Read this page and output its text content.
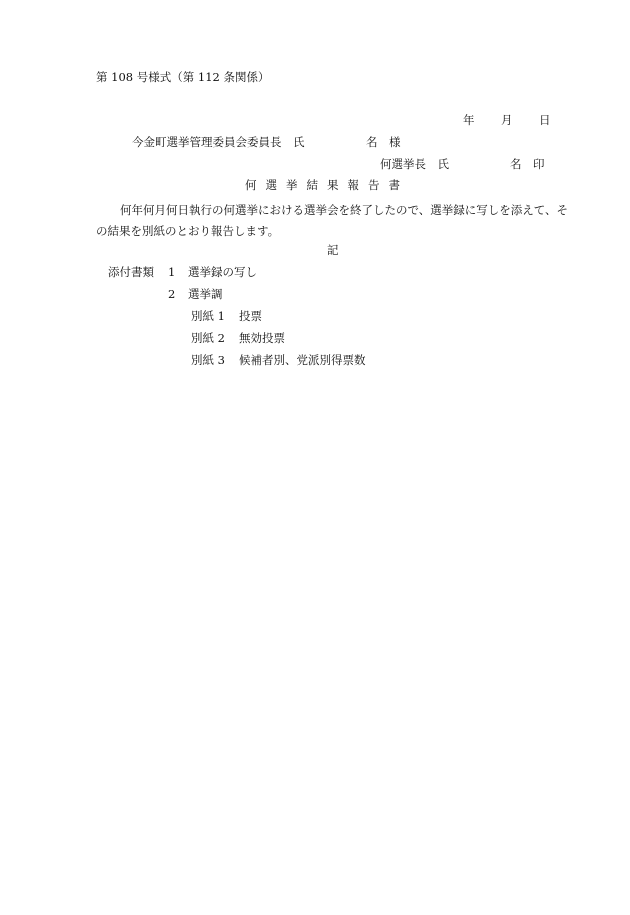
第 108 号様式（第 112 条関係）
年 月 日
今金町選挙管理委員会委員長　氏	名　様
何選挙長　氏	名　印
何 選 挙 結 果 報 告 書
何年何月何日執行の何選挙における選挙会を終了したので、選挙録に写しを添えて、その結果を別紙のとおり報告します。
記
添付書類 1 選挙録の写し
2 選挙調
別紙 1 投票
別紙 2 無効投票
別紙 3 候補者別、党派別得票数
